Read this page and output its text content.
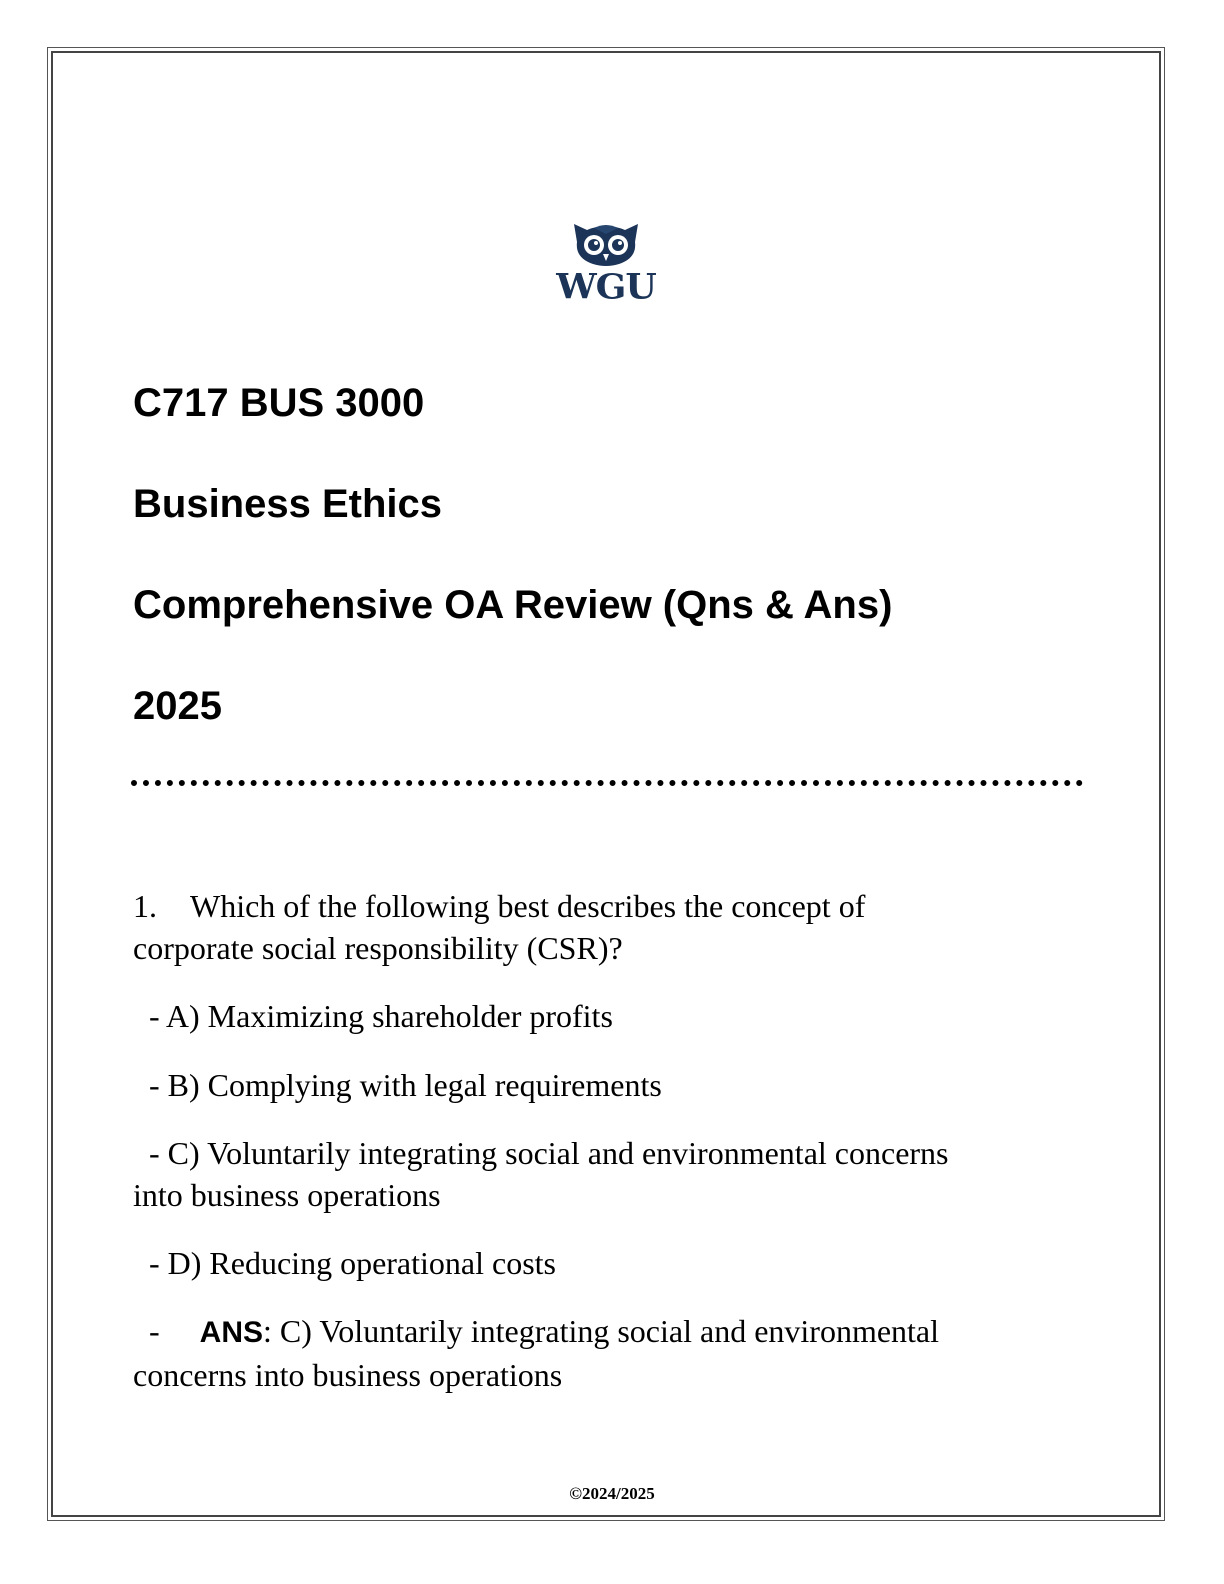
WGU
C717 BUS 3000
Business Ethics
Comprehensive OA Review (Qns & Ans)
2025

1. Which of the following best describes the concept of
corporate social responsibility (CSR)?

- A) Maximizing shareholder profits

- B) Complying with legal requirements

- C) Voluntarily integrating social and environmental concerns
into business operations

- D) Reducing operational costs

- ANS: C) Voluntarily integrating social and environmental
concerns into business operations

©2024/2025
